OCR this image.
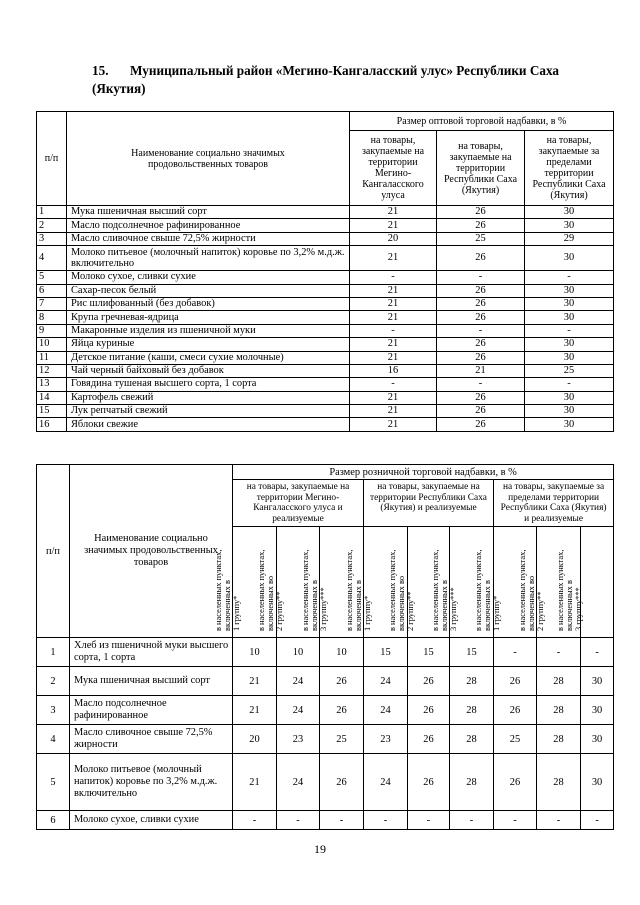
15. Муниципальный район «Мегино-Кангаласский улус» Республики Саха (Якутия)
п/п	Наименование социально значимых продовольственных товаров	Размер оптовой торговой надбавки, в %		
		на товары, закупаемые на территории Мегино-Кангаласского улуса	на товары, закупаемые на территории Республики Саха (Якутия)	на товары, закупаемые за пределами территории Республики Саха (Якутия)
1	Мука пшеничная высший сорт	21	26	30
2	Масло подсолнечное рафинированное	21	26	30
3	Масло сливочное свыше 72,5% жирности	20	25	29
4	Молоко питьевое (молочный напиток) коровье по 3,2% м.д.ж. включительно	21	26	30
5	Молоко сухое, сливки сухие	-	-	-
6	Сахар-песок белый	21	26	30
7	Рис шлифованный (без добавок)	21	26	30
8	Крупа гречневая-ядрица	21	26	30
9	Макаронные изделия из пшеничной муки	-	-	-
10	Яйца куриные	21	26	30
11	Детское питание (каши, смеси сухие молочные)	21	26	30
12	Чай черный байховый без добавок	16	21	25
13	Говядина тушеная высшего сорта, 1 сорта	-	-	-
14	Картофель свежий	21	26	30
15	Лук репчатый свежий	21	26	30
16	Яблоки свежие	21	26	30
п/п	Наименование социально значимых продовольственных товаров	Размер розничной торговой надбавки, в %								
		на товары, закупаемые на территории Мегино-Кангаласского улуса и реализуемые			на товары, закупаемые на территории Республики Саха (Якутия) и реализуемые			на товары, закупаемые за пределами территории Республики Саха (Якутия) и реализуемые		

		в населенных пунктах, включенных в 1 группу*	в населенных пунктах, включенных во 2 группу**	в населенных пунктах, включенных в 3 группу***	в населенных пунктах, включенных в 1 группу*	в населенных пунктах, включенных во 2 группу**	в населенных пунктах, включенных в 3 группу***	в населенных пунктах, включенных в 1 группу*	в населенных пунктах, включенных во 2 группу**	в населенных пунктах, включенных в 3 группу***

1	Хлеб из пшеничной муки высшего сорта, 1 сорта	10	10	10	15	15	15	-	-	-
2	Мука пшеничная высший сорт	21	24	26	24	26	28	26	28	30
3	Масло подсолнечное рафинированное	21	24	26	24	26	28	26	28	30
4	Масло сливочное свыше 72,5% жирности	20	23	25	23	26	28	25	28	30
5	Молоко питьевое (молочный напиток) коровье по 3,2% м.д.ж. включительно	21	24	26	24	26	28	26	28	30
6	Молоко сухое, сливки сухие	-	-	-	-	-	-	-	-	-
19
